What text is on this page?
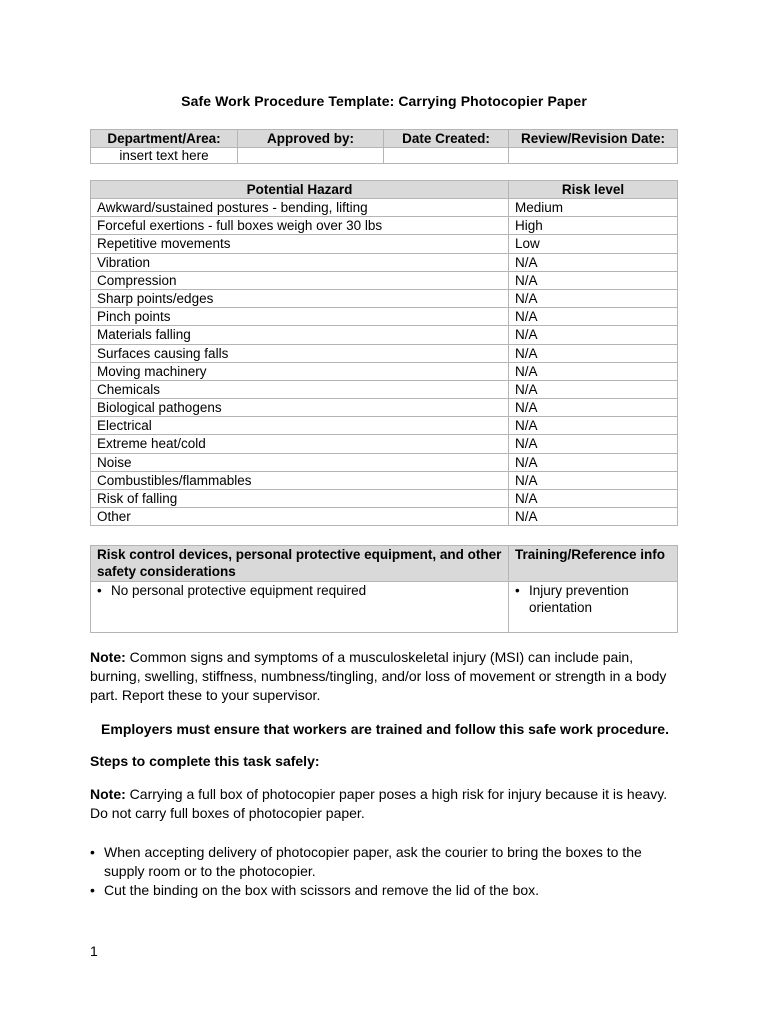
Safe Work Procedure Template: Carrying Photocopier Paper
Department/Area:	Approved by:	Date Created:	Review/Revision Date:
insert text here			
Potential Hazard	Risk level
Awkward/sustained postures - bending, lifting	Medium
Forceful exertions - full boxes weigh over 30 lbs	High
Repetitive movements	Low
Vibration	N/A
Compression	N/A
Sharp points/edges	N/A
Pinch points	N/A
Materials falling	N/A
Surfaces causing falls	N/A
Moving machinery	N/A
Chemicals	N/A
Biological pathogens	N/A
Electrical	N/A
Extreme heat/cold	N/A
Noise	N/A
Combustibles/flammables	N/A
Risk of falling	N/A
Other	N/A
Risk control devices, personal protective equipment, and other safety considerations	Training/Reference info

• No personal protective equipment required	• Injury prevention orientation
Note: Common signs and symptoms of a musculoskeletal injury (MSI) can include pain, burning, swelling, stiffness, numbness/tingling, and/or loss of movement or strength in a body part. Report these to your supervisor.
Employers must ensure that workers are trained and follow this safe work procedure.
Steps to complete this task safely:
Note: Carrying a full box of photocopier paper poses a high risk for injury because it is heavy. Do not carry full boxes of photocopier paper.
• When accepting delivery of photocopier paper, ask the courier to bring the boxes to the supply room or to the photocopier.
• Cut the binding on the box with scissors and remove the lid of the box.
1
